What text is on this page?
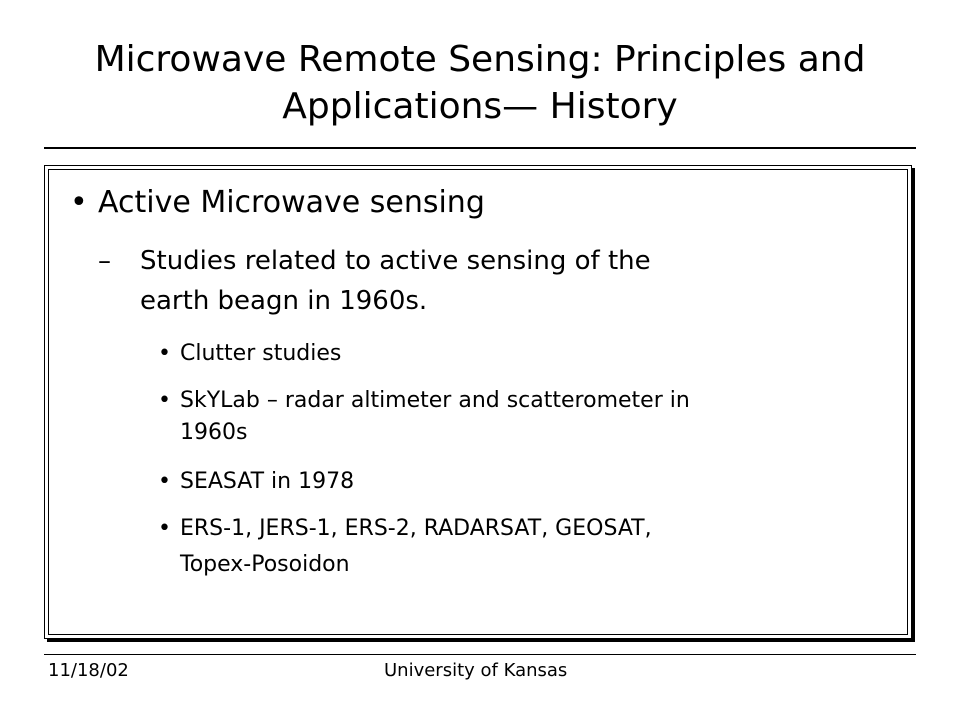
Microwave Remote Sensing: Principles and
Applications— History
• Active Microwave sensing
– Studies related to active sensing of the
earth beagn in 1960s.
• Clutter studies
• SkYLab – radar altimeter and scatterometer in
1960s
• SEASAT in 1978
• ERS-1, JERS-1, ERS-2, RADARSAT, GEOSAT,
Topex-Posoidon
11/18/02	University of Kansas
